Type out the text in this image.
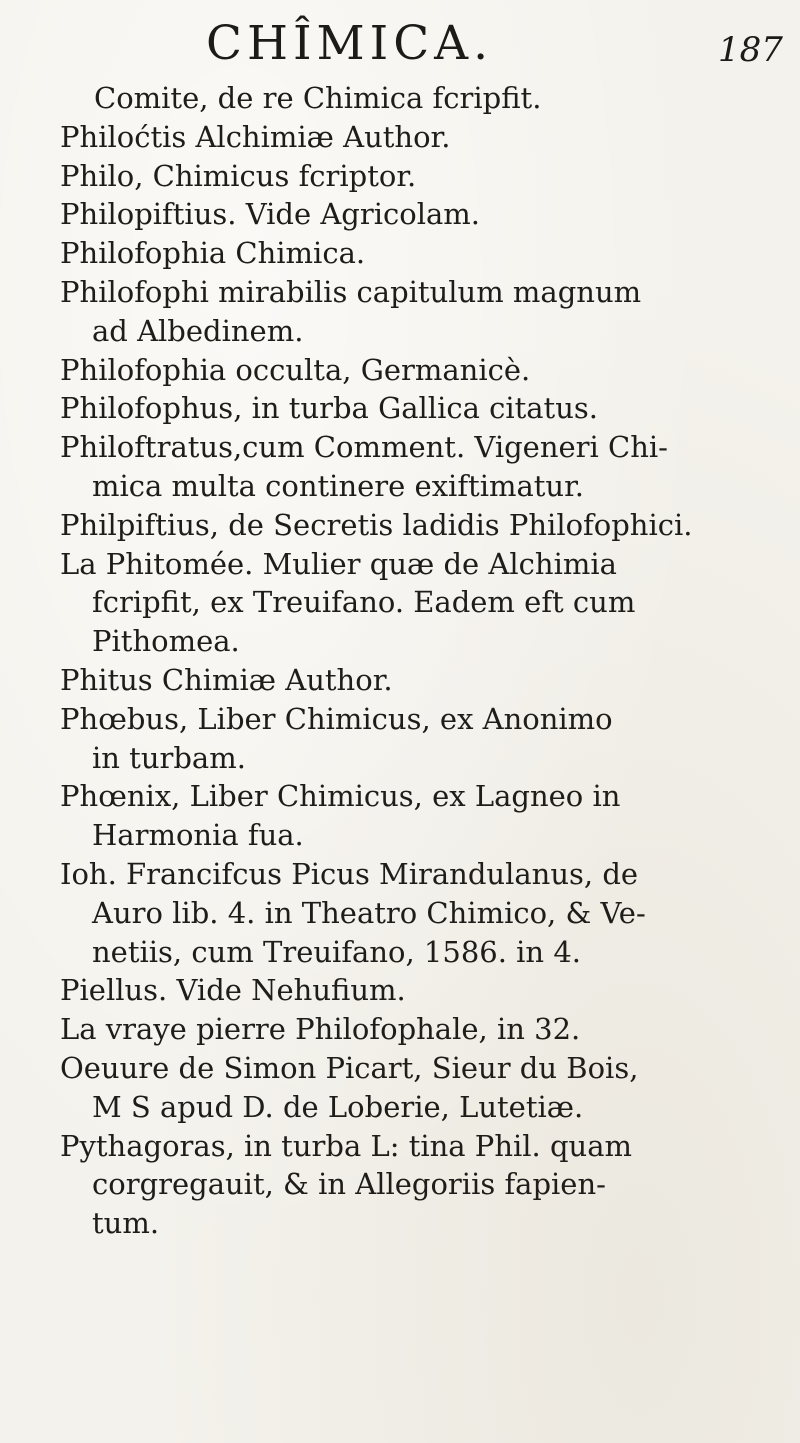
CHÎMICA.	187
Comite, de re Chimica fcripfit.
Philoćtis Alchimiæ Author.
Philo, Chimicus fcriptor.
Philopiftius. Vide Agricolam.
Philofophia Chimica.
Philofophi mirabilis capitulum magnum
ad Albedinem.
Philofophia occulta, Germanicè.
Philofophus, in turba Gallica citatus.
Philoftratus,cum Comment. Vigeneri Chi-
mica multa continere exiftimatur.
Philpiftius, de Secretis ladidis Philofophici.
La Phitomée. Mulier quæ de Alchimia
fcripfit, ex Treuifano. Eadem eft cum
Pithomea.
Phitus Chimiæ Author.
Phœbus, Liber Chimicus, ex Anonimo
in turbam.
Phœnix, Liber Chimicus, ex Lagneo in
Harmonia fua.
Ioh. Francifcus Picus Mirandulanus, de
Auro lib. 4. in Theatro Chimico, & Ve-
netiis, cum Treuifano, 1586. in 4.
Piellus. Vide Nehufium.
La vraye pierre Philofophale, in 32.
Oeuure de Simon Picart, Sieur du Bois,
M S apud D. de Loberie, Lutetiæ.
Pythagoras, in turba L: tina Phil. quam
corgregauit, & in Allegoriis fapien-
tum.
